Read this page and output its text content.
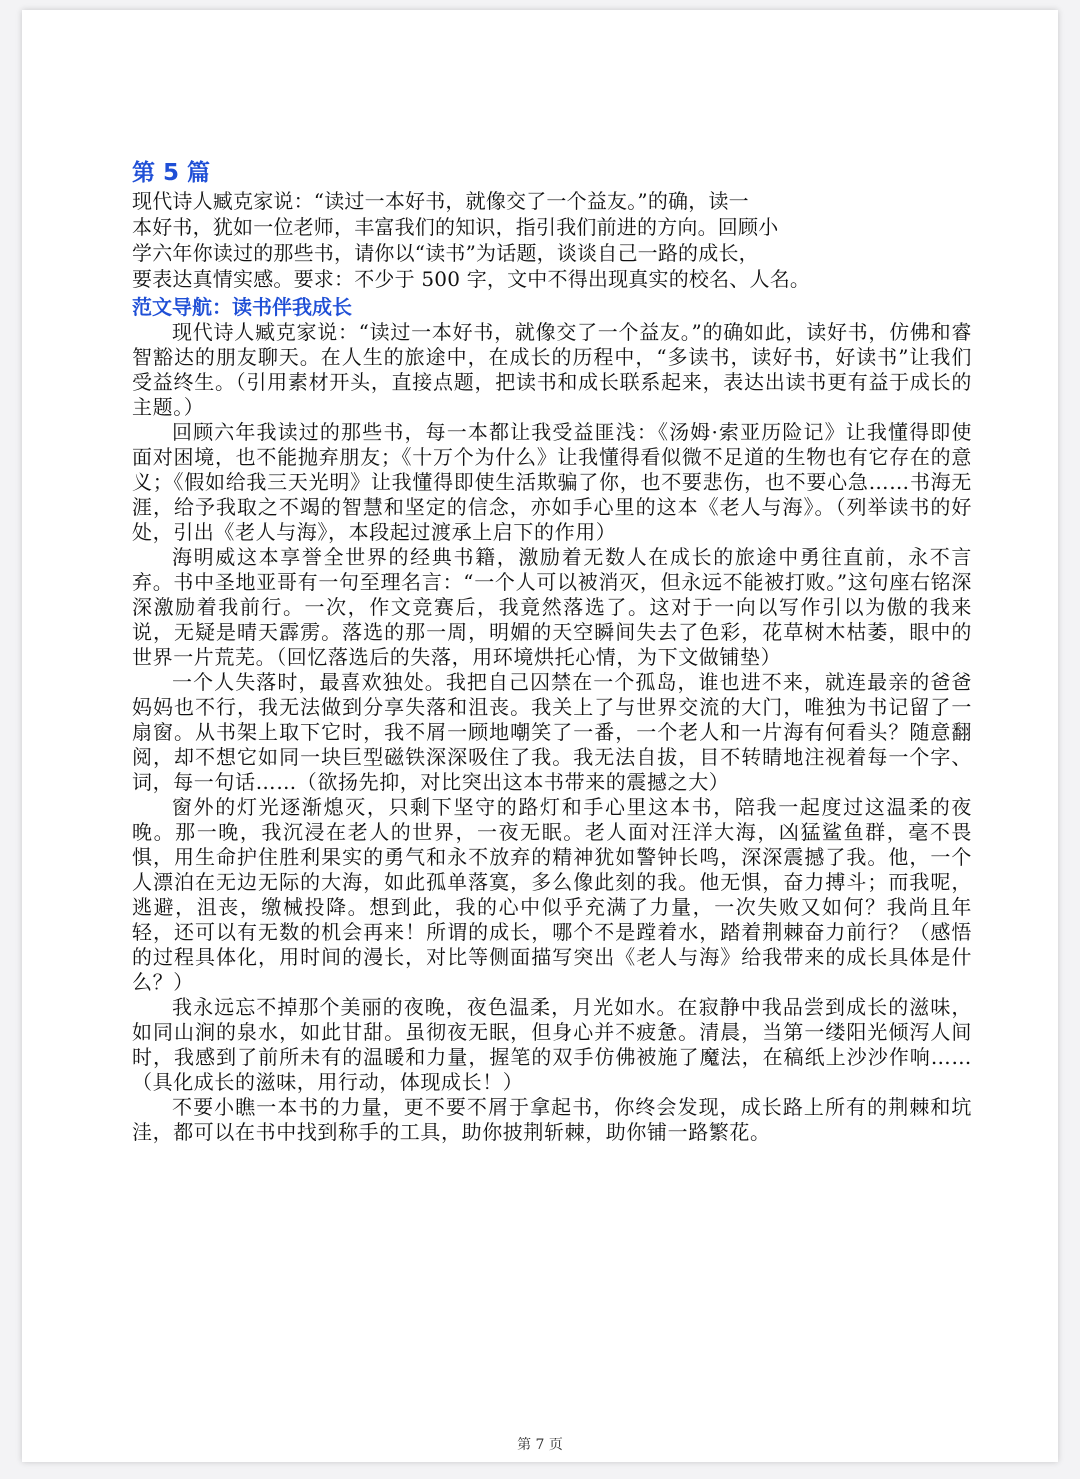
第 5 篇

现代诗人臧克家说：“读过一本好书，就像交了一个益友。”的确，读一
本好书，犹如一位老师，丰富我们的知识，指引我们前进的方向。回顾小
学六年你读过的那些书，请你以“读书”为话题，谈谈自己一路的成长，
要表达真情实感。要求：不少于 500 字，文中不得出现真实的校名、人名。

范文导航：读书伴我成长

现代诗人臧克家说：“读过一本好书，就像交了一个益友。”的确如此，读好书，仿佛和睿智豁达的朋友聊天。在人生的旅途中，在成长的历程中，“多读书，读好书，好读书”让我们受益终生。（引用素材开头，直接点题，把读书和成长联系起来，表达出读书更有益于成长的主题。）

回顾六年我读过的那些书，每一本都让我受益匪浅：《汤姆·索亚历险记》让我懂得即使面对困境，也不能抛弃朋友；《十万个为什么》让我懂得看似微不足道的生物也有它存在的意义；《假如给我三天光明》让我懂得即使生活欺骗了你，也不要悲伤，也不要心急……书海无涯，给予我取之不竭的智慧和坚定的信念，亦如手心里的这本《老人与海》。（列举读书的好处，引出《老人与海》，本段起过渡承上启下的作用）

海明威这本享誉全世界的经典书籍，激励着无数人在成长的旅途中勇往直前，永不言弃。书中圣地亚哥有一句至理名言：“一个人可以被消灭，但永远不能被打败。”这句座右铭深深激励着我前行。一次，作文竞赛后，我竟然落选了。这对于一向以写作引以为傲的我来说，无疑是晴天霹雳。落选的那一周，明媚的天空瞬间失去了色彩，花草树木枯萎，眼中的世界一片荒芜。（回忆落选后的失落，用环境烘托心情，为下文做铺垫）

一个人失落时，最喜欢独处。我把自己囚禁在一个孤岛，谁也进不来，就连最亲的爸爸妈妈也不行，我无法做到分享失落和沮丧。我关上了与世界交流的大门，唯独为书记留了一扇窗。从书架上取下它时，我不屑一顾地嘲笑了一番，一个老人和一片海有何看头？随意翻阅，却不想它如同一块巨型磁铁深深吸住了我。我无法自拔，目不转睛地注视着每一个字、词，每一句话……（欲扬先抑，对比突出这本书带来的震撼之大）

窗外的灯光逐渐熄灭，只剩下坚守的路灯和手心里这本书，陪我一起度过这温柔的夜晚。那一晚，我沉浸在老人的世界，一夜无眠。老人面对汪洋大海，凶猛鲨鱼群，毫不畏惧，用生命护住胜利果实的勇气和永不放弃的精神犹如警钟长鸣，深深震撼了我。他，一个人漂泊在无边无际的大海，如此孤单落寞，多么像此刻的我。他无惧，奋力搏斗；而我呢，逃避，沮丧，缴械投降。想到此，我的心中似乎充满了力量，一次失败又如何？我尚且年轻，还可以有无数的机会再来！所谓的成长，哪个不是蹚着水，踏着荆棘奋力前行？（感悟的过程具体化，用时间的漫长，对比等侧面描写突出《老人与海》给我带来的成长具体是什么？）

我永远忘不掉那个美丽的夜晚，夜色温柔，月光如水。在寂静中我品尝到成长的滋味，如同山涧的泉水，如此甘甜。虽彻夜无眠，但身心并不疲惫。清晨，当第一缕阳光倾泻人间时，我感到了前所未有的温暖和力量，握笔的双手仿佛被施了魔法，在稿纸上沙沙作响……（具化成长的滋味，用行动，体现成长！）

不要小瞧一本书的力量，更不要不屑于拿起书，你终会发现，成长路上所有的荆棘和坑洼，都可以在书中找到称手的工具，助你披荆斩棘，助你铺一路繁花。

第 7 页
